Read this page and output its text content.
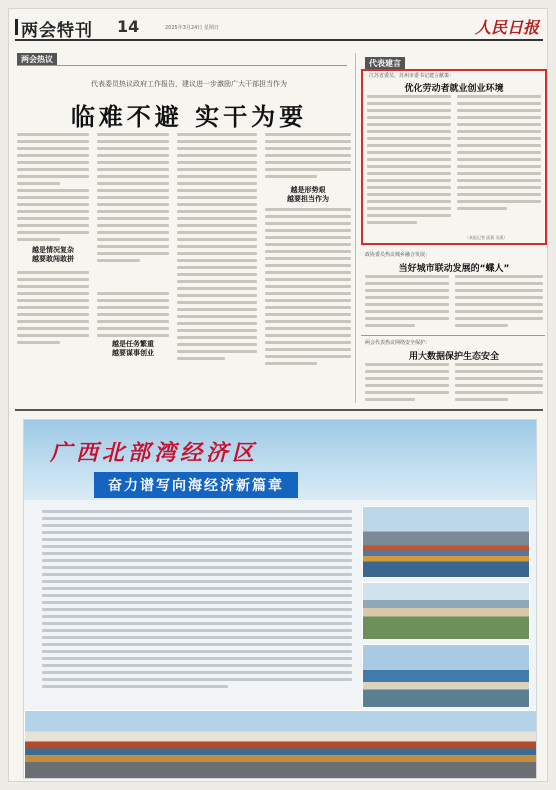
两会特刊 14	2025年3月24日 星期日	人民日报
两会热议
代表委员热议政府工作报告，建议进一步激励广大干部担当作为
临难不避 实干为要
越是情况复杂
越要敢闯敢拼
越是任务繁重
越要谋事创业
越是形势艰
越要担当作为
代表建言
江苏省委员、苏州市委书记建言献策：
优化劳动者就业创业环境
（本报记者 邱燕 吴燕）
政协委员热议城乡融合发展：
当好城市联动发展的“蝶人”
两会代表热议网络安全保护：
用大数据保护生态安全
广西北部湾经济区
奋力谱写向海经济新篇章
